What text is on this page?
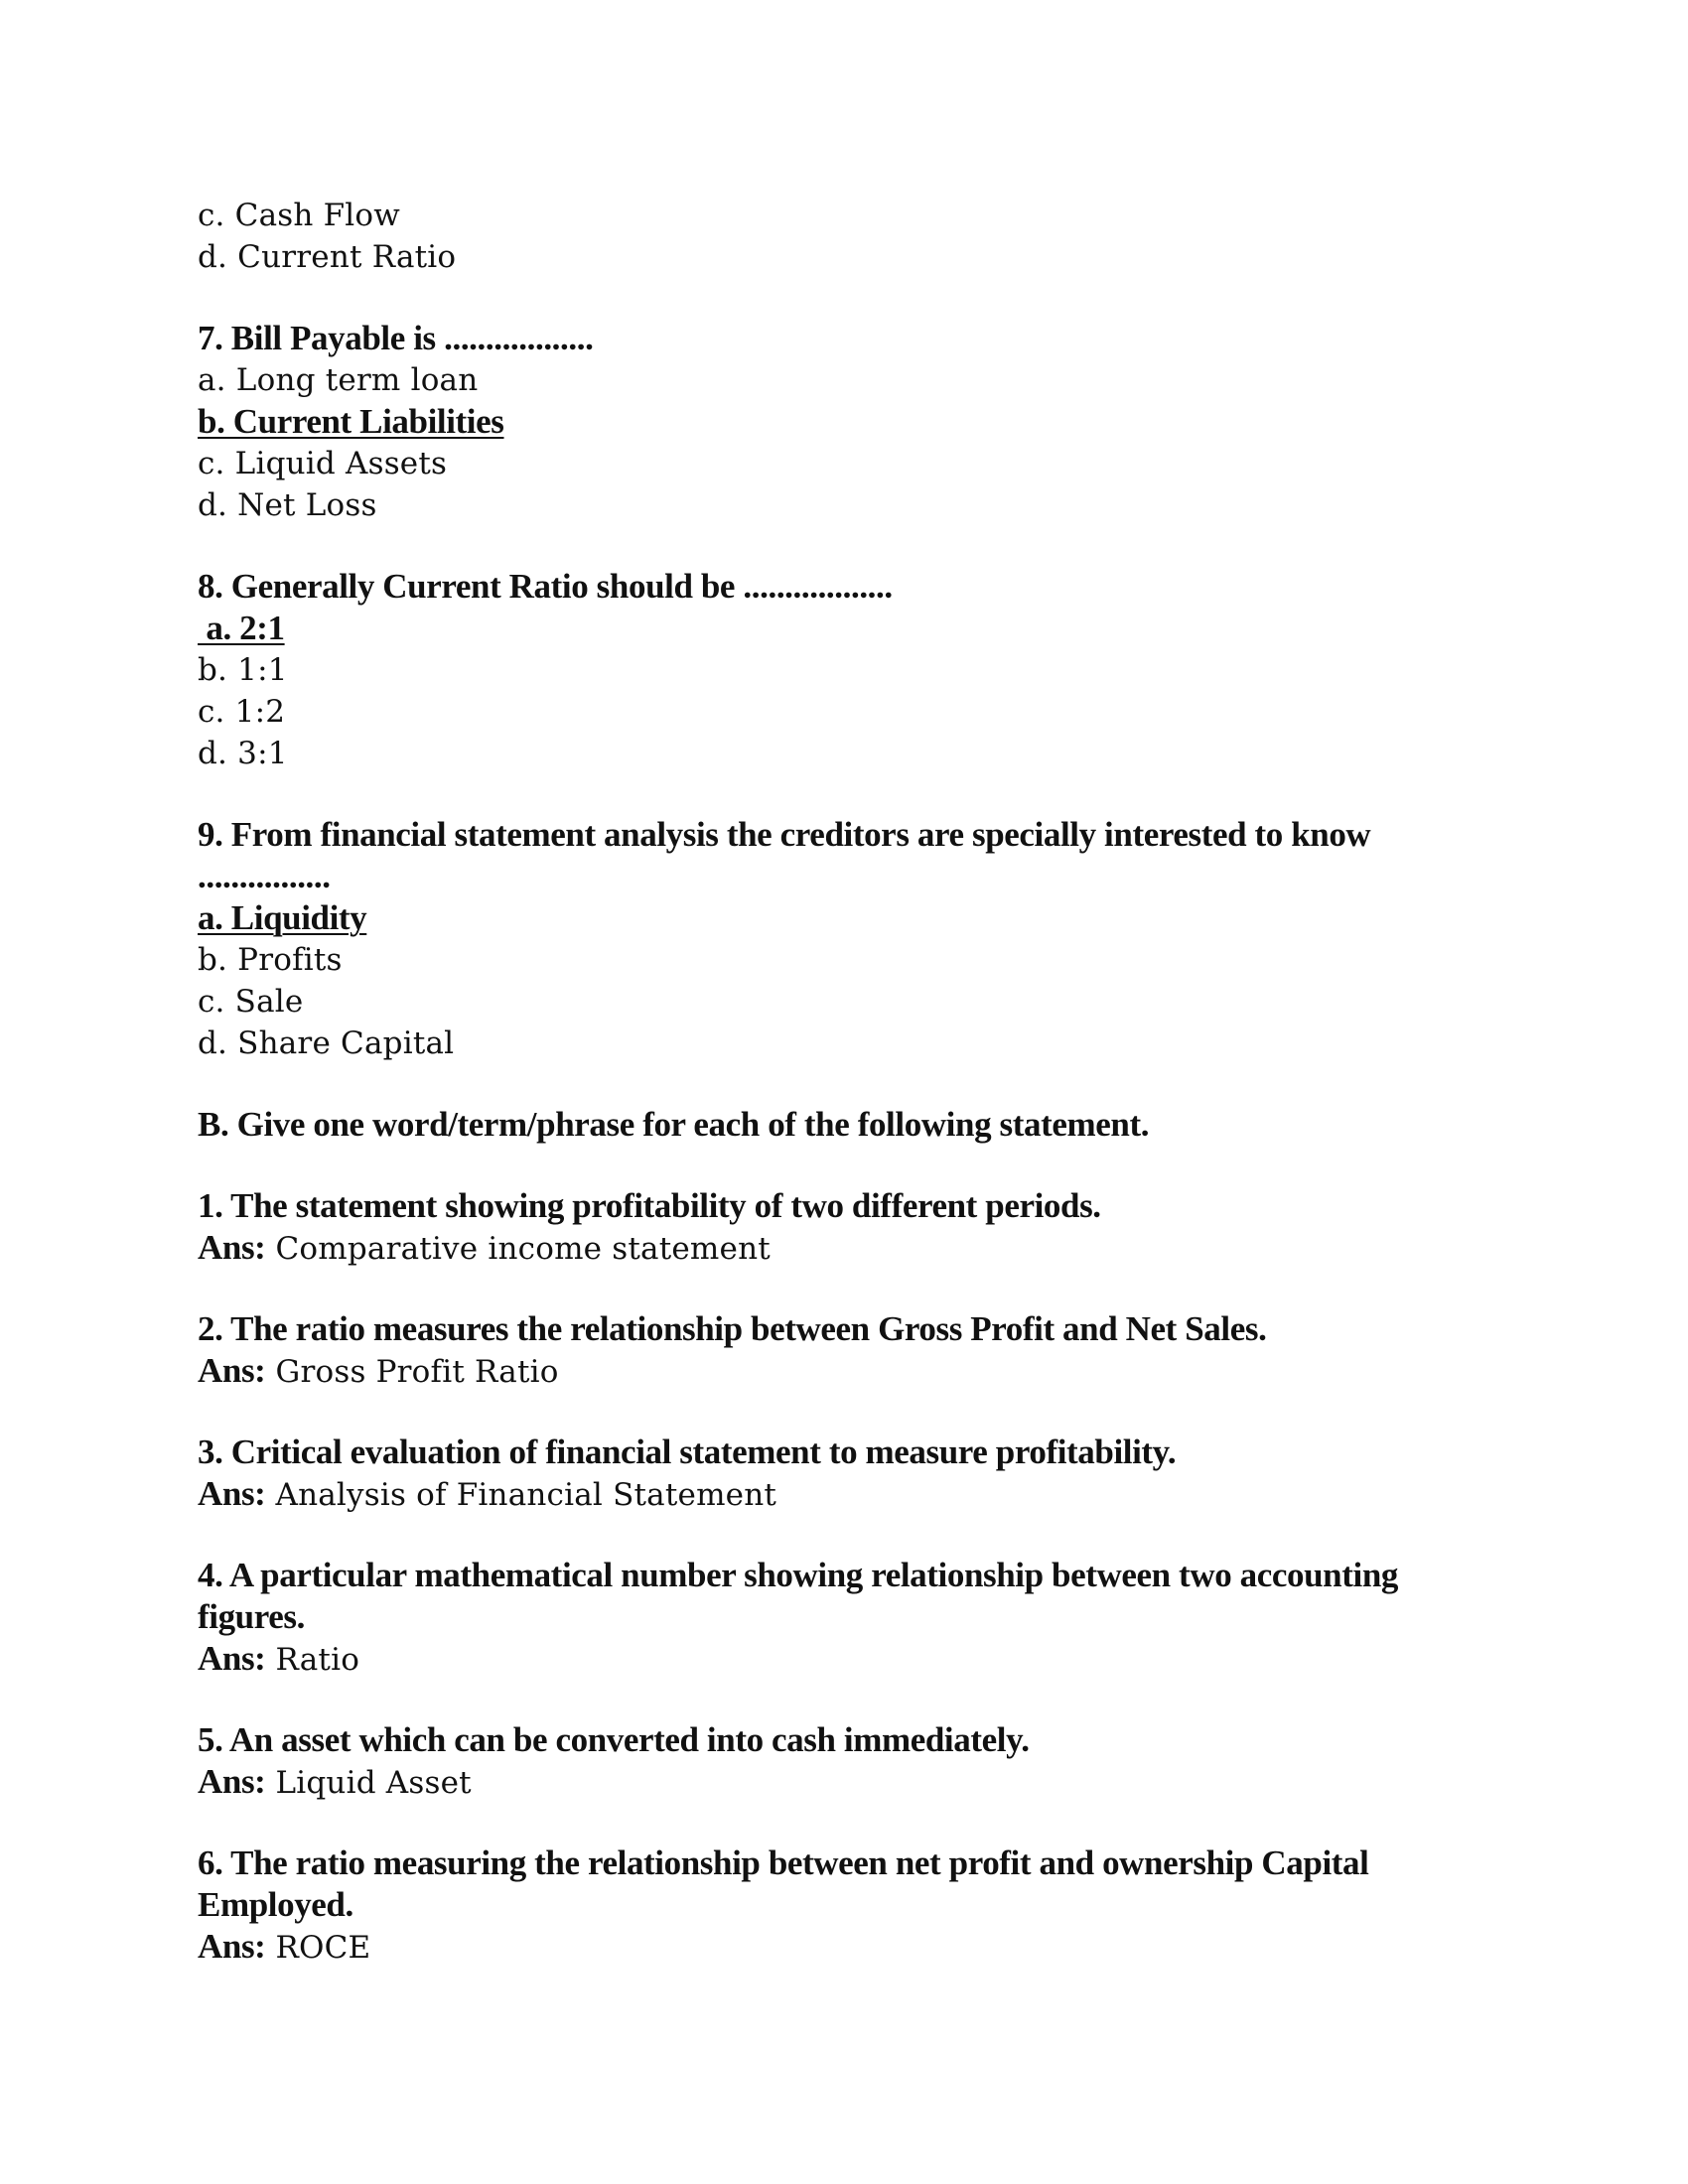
c. Cash Flow
d. Current Ratio
7. Bill Payable is ..................
a. Long term loan
b. Current Liabilities
c. Liquid Assets
d. Net Loss
8. Generally Current Ratio should be ..................
a. 2:1
b. 1:1
c. 1:2
d. 3:1
9. From financial statement analysis the creditors are specially interested to know ................
a. Liquidity
b. Profits
c. Sale
d. Share Capital
B. Give one word/term/phrase for each of the following statement.
1. The statement showing profitability of two different periods.
Ans: Comparative income statement
2. The ratio measures the relationship between Gross Profit and Net Sales.
Ans: Gross Profit Ratio
3. Critical evaluation of financial statement to measure profitability.
Ans: Analysis of Financial Statement
4. A particular mathematical number showing relationship between two accounting figures.
Ans: Ratio
5. An asset which can be converted into cash immediately.
Ans: Liquid Asset
6. The ratio measuring the relationship between net profit and ownership Capital Employed.
Ans: ROCE
